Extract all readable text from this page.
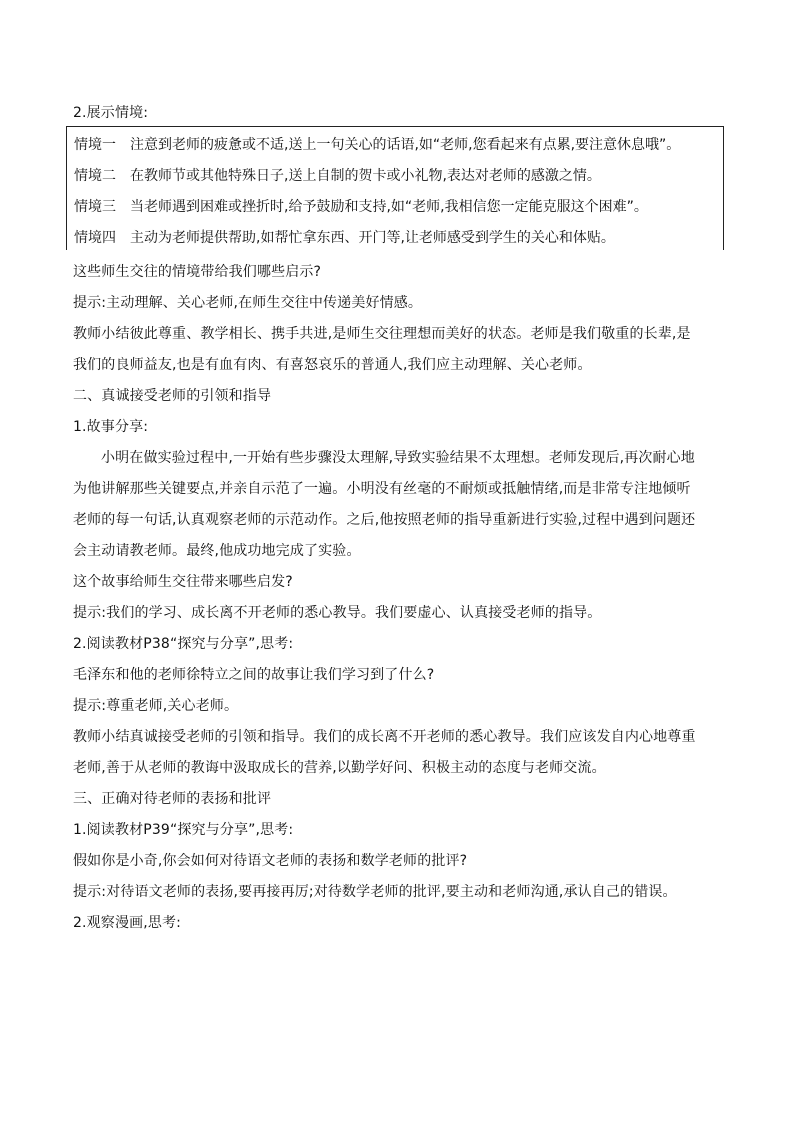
2.展示情境:
情境一 注意到老师的疲惫或不适,送上一句关心的话语,如“老师,您看起来有点累,要注意休息哦”。
情境二 在教师节或其他特殊日子,送上自制的贺卡或小礼物,表达对老师的感激之情。
情境三 当老师遇到困难或挫折时,给予鼓励和支持,如“老师,我相信您一定能克服这个困难”。
情境四 主动为老师提供帮助,如帮忙拿东西、开门等,让老师感受到学生的关心和体贴。
这些师生交往的情境带给我们哪些启示?
提示:主动理解、关心老师,在师生交往中传递美好情感。
教师小结彼此尊重、教学相长、携手共进,是师生交往理想而美好的状态。老师是我们敬重的长辈,是
我们的良师益友,也是有血有肉、有喜怒哀乐的普通人,我们应主动理解、关心老师。
二、真诚接受老师的引领和指导
1.故事分享:
小明在做实验过程中,一开始有些步骤没太理解,导致实验结果不太理想。老师发现后,再次耐心地
为他讲解那些关键要点,并亲自示范了一遍。小明没有丝毫的不耐烦或抵触情绪,而是非常专注地倾听
老师的每一句话,认真观察老师的示范动作。之后,他按照老师的指导重新进行实验,过程中遇到问题还
会主动请教老师。最终,他成功地完成了实验。
这个故事给师生交往带来哪些启发?
提示:我们的学习、成长离不开老师的悉心教导。我们要虚心、认真接受老师的指导。
2.阅读教材P38“探究与分享”,思考:
毛泽东和他的老师徐特立之间的故事让我们学习到了什么?
提示:尊重老师,关心老师。
教师小结真诚接受老师的引领和指导。我们的成长离不开老师的悉心教导。我们应该发自内心地尊重
老师,善于从老师的教诲中汲取成长的营养,以勤学好问、积极主动的态度与老师交流。
三、正确对待老师的表扬和批评
1.阅读教材P39“探究与分享”,思考:
假如你是小奇,你会如何对待语文老师的表扬和数学老师的批评?
提示:对待语文老师的表扬,要再接再厉;对待数学老师的批评,要主动和老师沟通,承认自己的错误。
2.观察漫画,思考:
